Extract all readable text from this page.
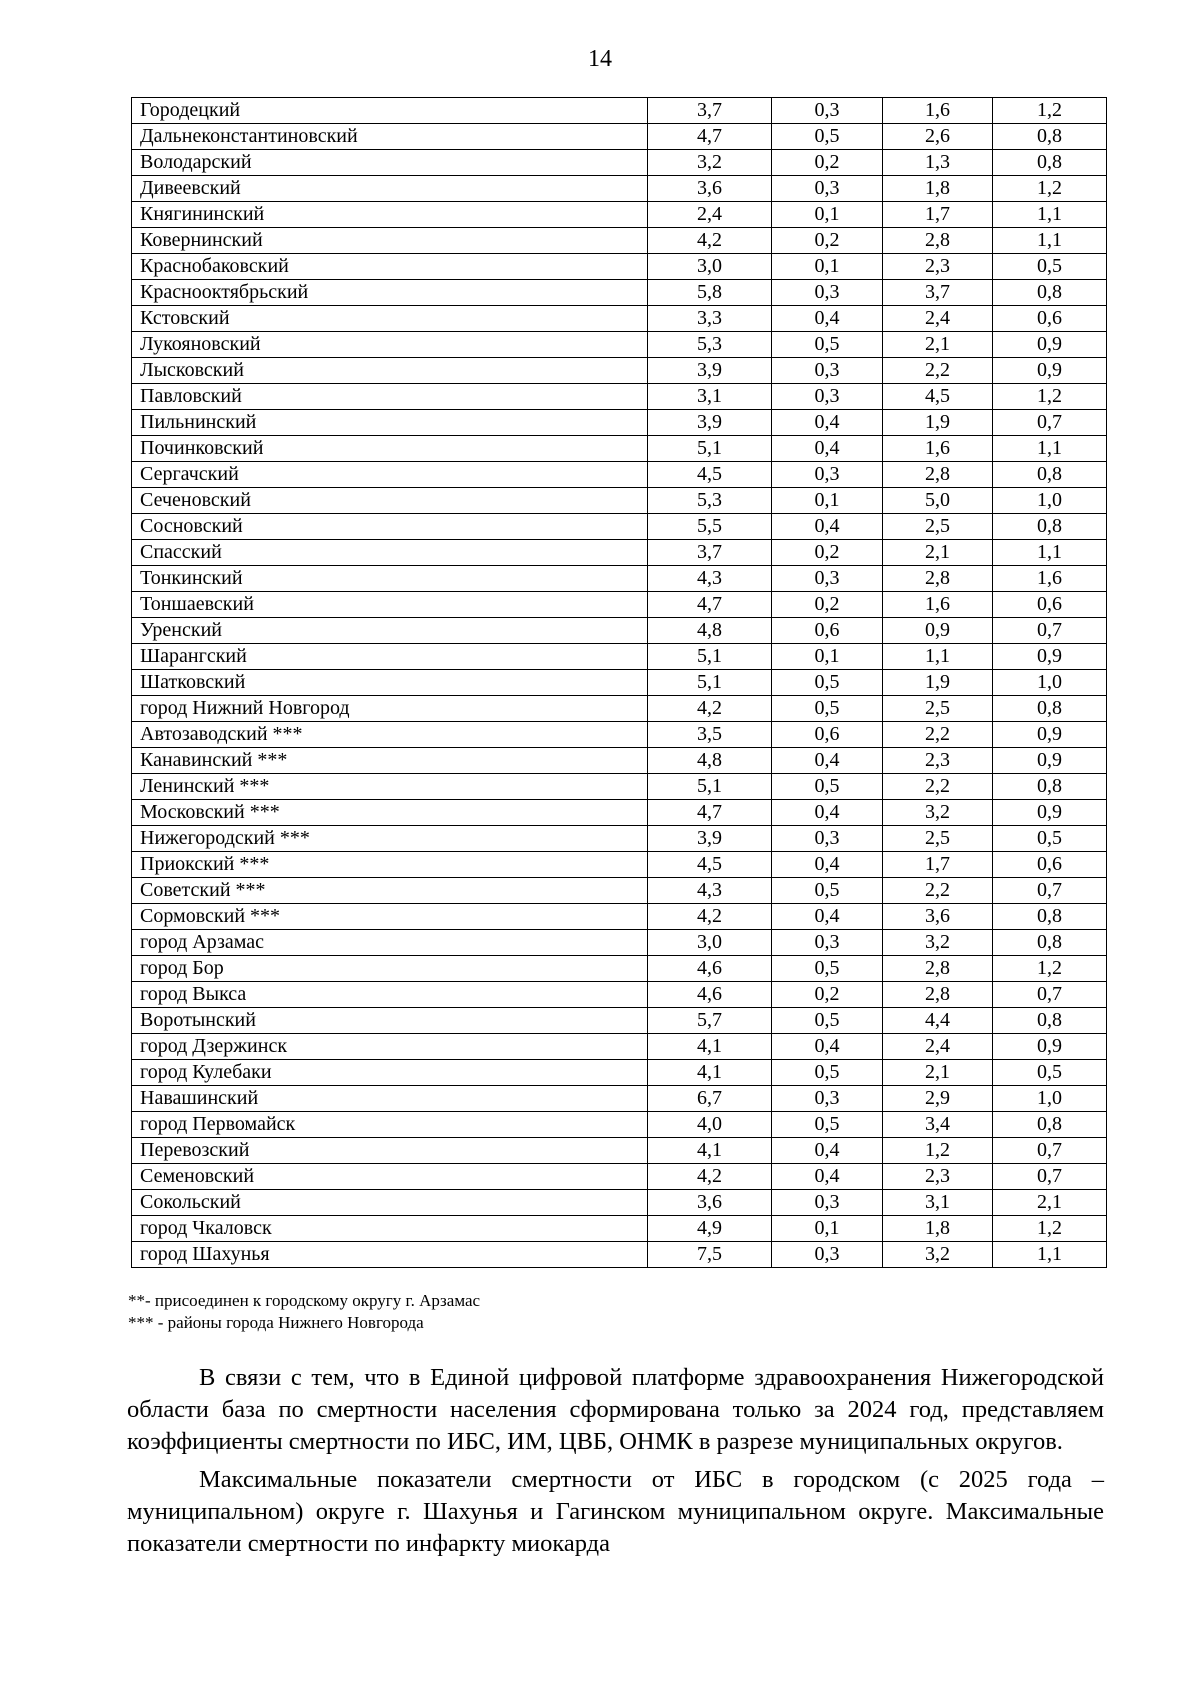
14
Городецкий	3,7	0,3	1,6	1,2
Дальнеконстантиновский	4,7	0,5	2,6	0,8
Володарский	3,2	0,2	1,3	0,8
Дивеевский	3,6	0,3	1,8	1,2
Княгининский	2,4	0,1	1,7	1,1
Ковернинский	4,2	0,2	2,8	1,1
Краснобаковский	3,0	0,1	2,3	0,5
Краснооктябрьский	5,8	0,3	3,7	0,8
Кстовский	3,3	0,4	2,4	0,6
Лукояновский	5,3	0,5	2,1	0,9
Лысковский	3,9	0,3	2,2	0,9
Павловский	3,1	0,3	4,5	1,2
Пильнинский	3,9	0,4	1,9	0,7
Починковский	5,1	0,4	1,6	1,1
Сергачский	4,5	0,3	2,8	0,8
Сеченовский	5,3	0,1	5,0	1,0
Сосновский	5,5	0,4	2,5	0,8
Спасский	3,7	0,2	2,1	1,1
Тонкинский	4,3	0,3	2,8	1,6
Тоншаевский	4,7	0,2	1,6	0,6
Уренский	4,8	0,6	0,9	0,7
Шарангский	5,1	0,1	1,1	0,9
Шатковский	5,1	0,5	1,9	1,0
город Нижний Новгород	4,2	0,5	2,5	0,8
Автозаводский ***	3,5	0,6	2,2	0,9
Канавинский ***	4,8	0,4	2,3	0,9
Ленинский ***	5,1	0,5	2,2	0,8
Московский ***	4,7	0,4	3,2	0,9
Нижегородский ***	3,9	0,3	2,5	0,5
Приокский ***	4,5	0,4	1,7	0,6
Советский ***	4,3	0,5	2,2	0,7
Сормовский ***	4,2	0,4	3,6	0,8
город Арзамас	3,0	0,3	3,2	0,8
город Бор	4,6	0,5	2,8	1,2
город Выкса	4,6	0,2	2,8	0,7
Воротынский	5,7	0,5	4,4	0,8
город Дзержинск	4,1	0,4	2,4	0,9
город Кулебаки	4,1	0,5	2,1	0,5
Навашинский	6,7	0,3	2,9	1,0
город Первомайск	4,0	0,5	3,4	0,8
Перевозский	4,1	0,4	1,2	0,7
Семеновский	4,2	0,4	2,3	0,7
Сокольский	3,6	0,3	3,1	2,1
город Чкаловск	4,9	0,1	1,8	1,2
город Шахунья	7,5	0,3	3,2	1,1
**- присоединен к городскому округу г. Арзамас
*** - районы города Нижнего Новгорода

В связи с тем, что в Единой цифровой платформе здравоохранения Нижегородской области база по смертности населения сформирована только за 2024 год, представляем коэффициенты смертности по ИБС, ИМ, ЦВБ, ОНМК в разрезе муниципальных округов.

Максимальные показатели смертности от ИБС в городском (с 2025 года – муниципальном) округе г. Шахунья и Гагинском муниципальном округе. Максимальные показатели смертности по инфаркту миокарда
